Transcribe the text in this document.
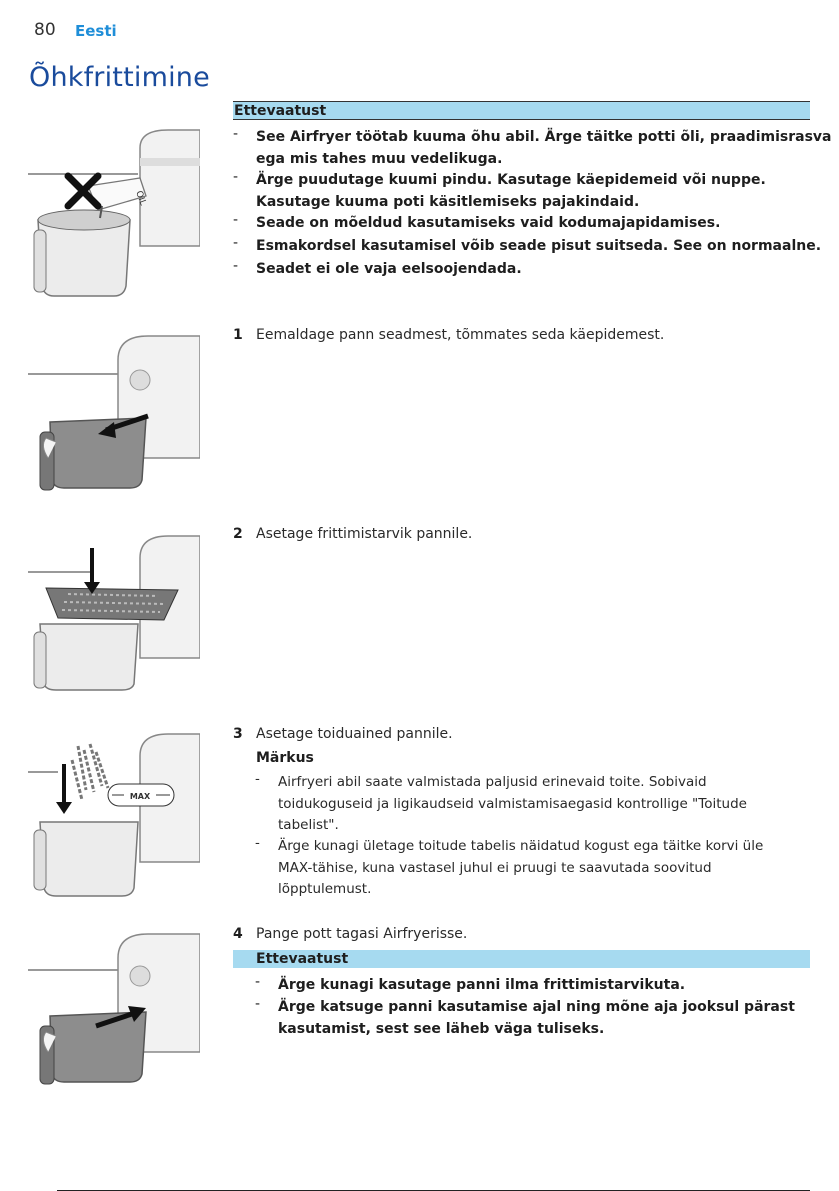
80 Eesti
Õhkfrittimine
OIL
Ettevaatust
- See Airfryer töötab kuuma õhu abil. Ärge täitke potti õli, praadimisrasva
ega mis tahes muu vedelikuga.
- Ärge puudutage kuumi pindu. Kasutage käepidemeid või nuppe.
Kasutage kuuma poti käsitlemiseks pajakindaid.
- Seade on mõeldud kasutamiseks vaid kodumajapidamises.
- Esmakordsel kasutamisel võib seade pisut suitseda. See on normaalne.
- Seadet ei ole vaja eelsoojendada.
1 Eemaldage pann seadmest, tõmmates seda käepidemest.
2 Asetage frittimistarvik pannile.
MAX
3 Asetage toiduained pannile.
Märkus
- Airfryeri abil saate valmistada paljusid erinevaid toite. Sobivaid
toidukoguseid ja ligikaudseid valmistamisaegasid kontrollige "Toitude
tabelist".
- Ärge kunagi ületage toitude tabelis näidatud kogust ega täitke korvi üle
MAX-tähise, kuna vastasel juhul ei pruugi te saavutada soovitud
lõpptulemust.
4 Pange pott tagasi Airfryerisse.
Ettevaatust
- Ärge kunagi kasutage panni ilma frittimistarvikuta.
- Ärge katsuge panni kasutamise ajal ning mõne aja jooksul pärast
kasutamist, sest see läheb väga tuliseks.
